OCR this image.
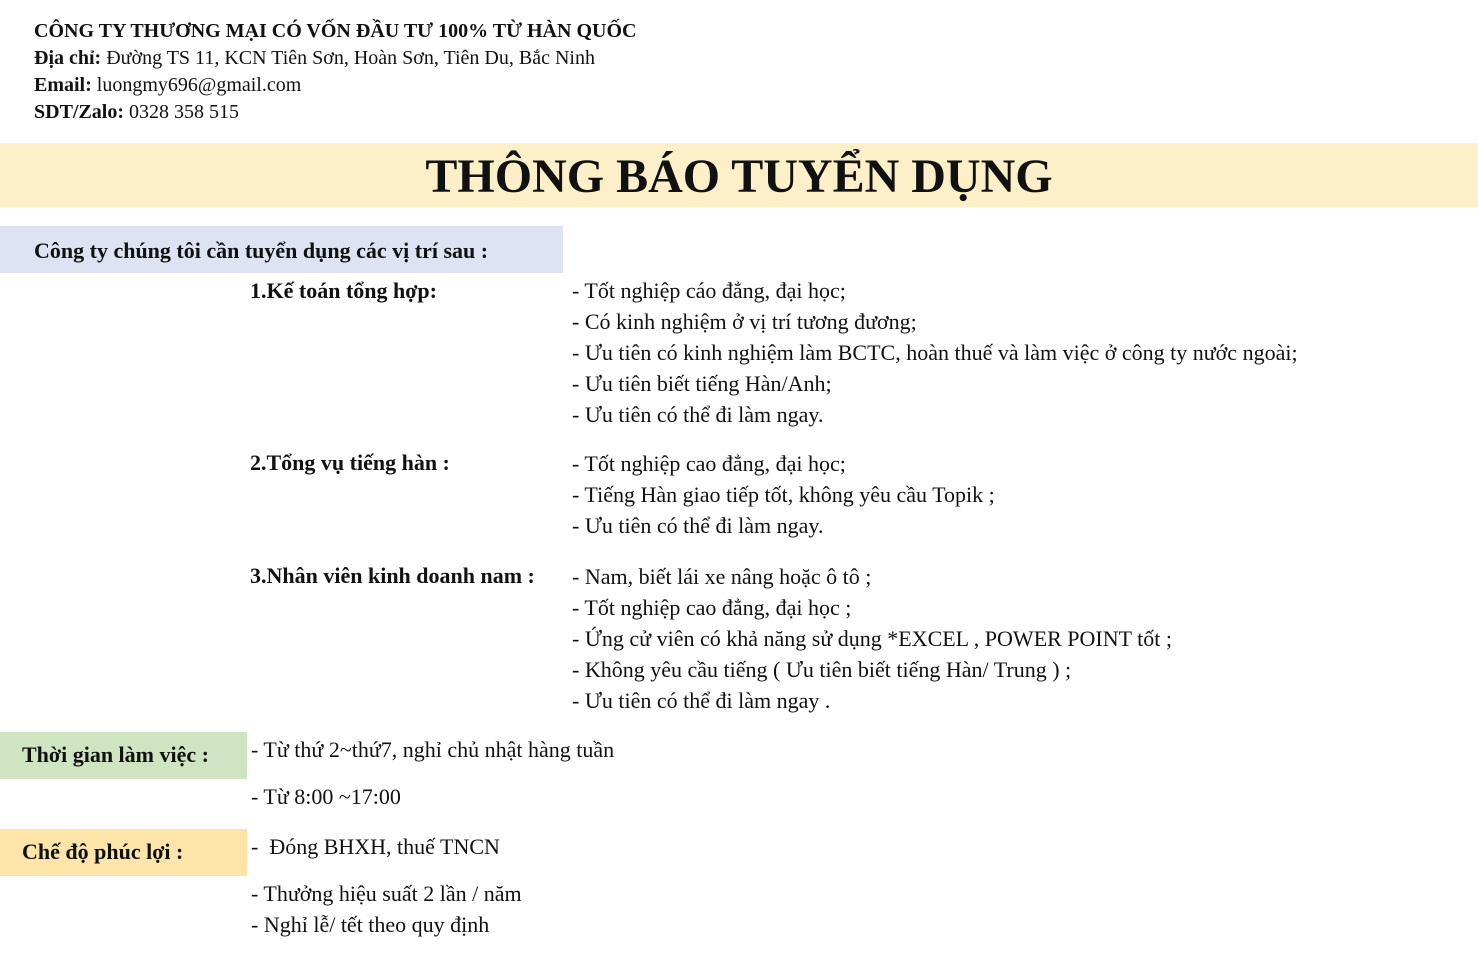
CÔNG TY THƯƠNG MẠI CÓ VỐN ĐẦU TƯ 100% TỪ HÀN QUỐC
Địa chỉ: Đường TS 11, KCN Tiên Sơn, Hoàn Sơn, Tiên Du, Bắc Ninh
Email: luongmy696@gmail.com
SDT/Zalo: 0328 358 515
THÔNG BÁO TUYỂN DỤNG
Công ty chúng tôi cần tuyển dụng các vị trí sau :
1.Kế toán tổng hợp:	- Tốt nghiệp cáo đẳng, đại học;
- Có kinh nghiệm ở vị trí tương đương;
- Ưu tiên có kinh nghiệm làm BCTC, hoàn thuế và làm việc ở công ty nước ngoài;
- Ưu tiên biết tiếng Hàn/Anh;
- Ưu tiên có thể đi làm ngay.
2.Tổng vụ tiếng hàn :	- Tốt nghiệp cao đẳng, đại học;
- Tiếng Hàn giao tiếp tốt, không yêu cầu Topik ;
- Ưu tiên có thể đi làm ngay.
3.Nhân viên kinh doanh nam : - Nam, biết lái xe nâng hoặc ô tô ;
- Tốt nghiệp cao đẳng, đại học ;
- Ứng cử viên có khả năng sử dụng *EXCEL , POWER POINT tốt ;
- Không yêu cầu tiếng ( Ưu tiên biết tiếng Hàn/ Trung ) ;
- Ưu tiên có thể đi làm ngay .
Thời gian làm việc : - Từ thứ 2~thứ7, nghỉ chủ nhật hàng tuần
- Từ 8:00 ~17:00
Chế độ phúc lợi :	-  Đóng BHXH, thuế TNCN
- Thưởng hiệu suất 2 lần / năm
- Nghỉ lễ/ tết theo quy định
